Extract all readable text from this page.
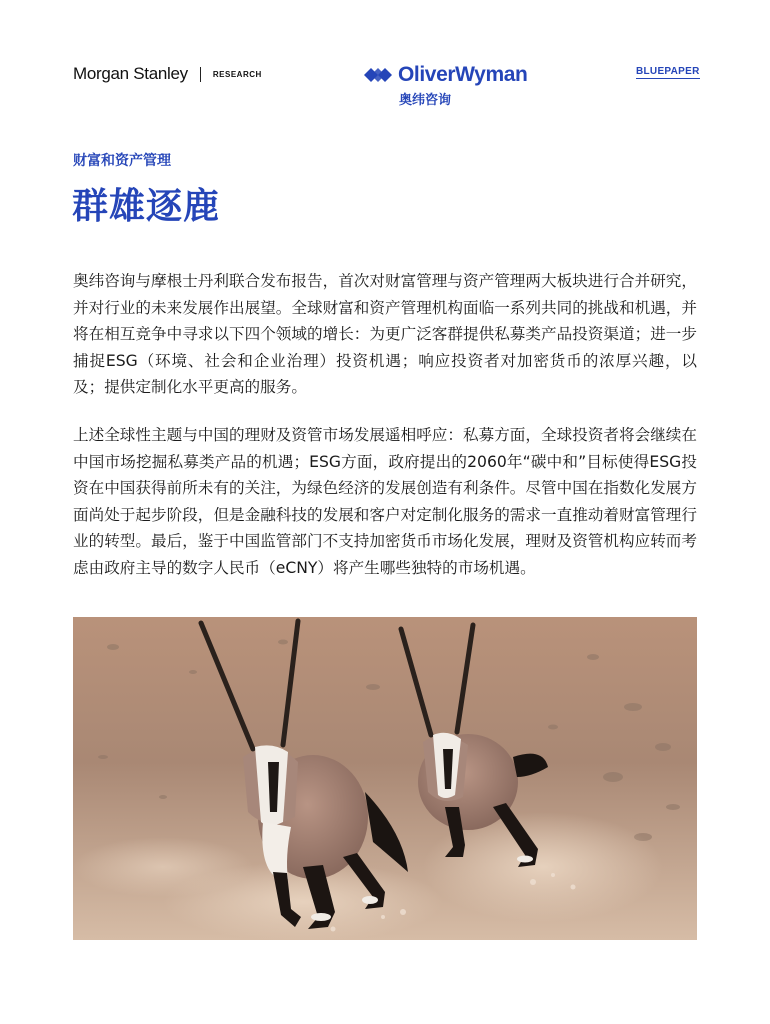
Morgan Stanley	RESEARCH	OliverWyman
奥纬咨询
BLUEPAPER
财富和资产管理
群雄逐鹿
奥纬咨询与摩根士丹利联合发布报告，首次对财富管理与资产管理两大板块进行合并研究，并对行业的未来发展作出展望。全球财富和资产管理机构面临一系列共同的挑战和机遇，并将在相互竞争中寻求以下四个领域的增长：为更广泛客群提供私募类产品投资渠道；进一步捕捉ESG（环境、社会和企业治理）投资机遇；响应投资者对加密货币的浓厚兴趣，以及；提供定制化水平更高的服务。
上述全球性主题与中国的理财及资管市场发展遥相呼应：私募方面，全球投资者将会继续在中国市场挖掘私募类产品的机遇；ESG方面，政府提出的2060年“碳中和”目标使得ESG投资在中国获得前所未有的关注，为绿色经济的发展创造有利条件。尽管中国在指数化发展方面尚处于起步阶段，但是金融科技的发展和客户对定制化服务的需求一直推动着财富管理行业的转型。最后，鉴于中国监管部门不支持加密货币市场化发展，理财及资管机构应转而考虑由政府主导的数字人民币（eCNY）将产生哪些独特的市场机遇。
